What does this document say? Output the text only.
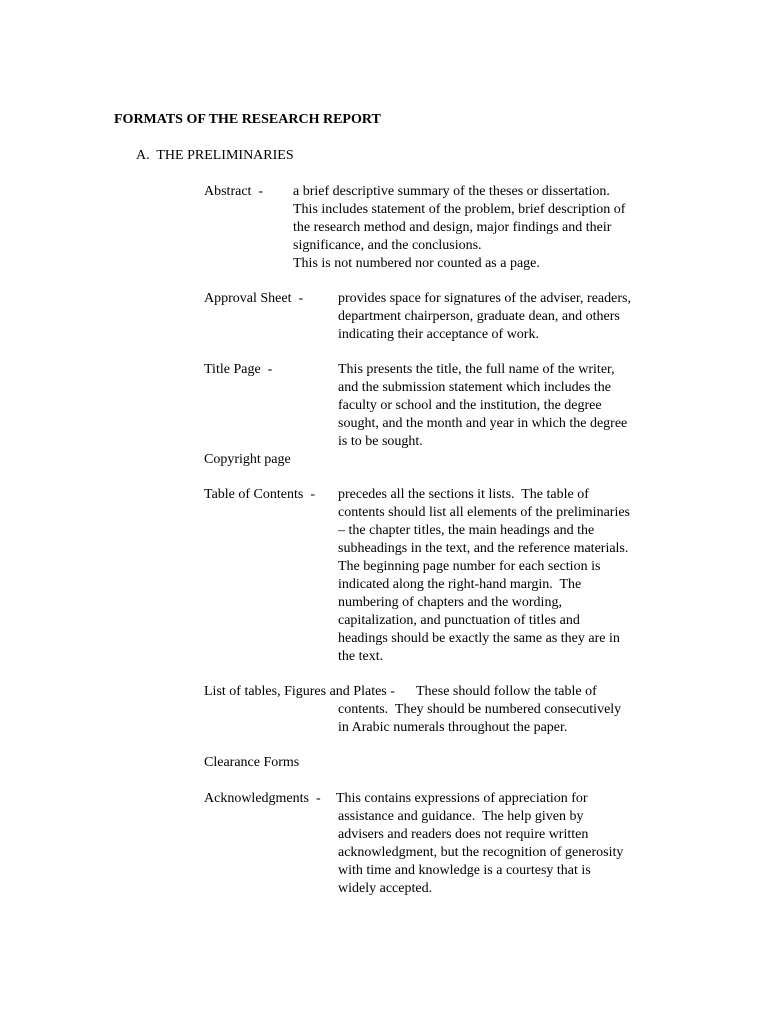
FORMATS OF THE RESEARCH REPORT
A.  THE PRELIMINARIES
Abstract  - a brief descriptive summary of the theses or dissertation.
This includes statement of the problem, brief description of
the research method and design, major findings and their
significance, and the conclusions.
This is not numbered nor counted as a page.
Approval Sheet  - provides space for signatures of the adviser, readers,
department chairperson, graduate dean, and others
indicating their acceptance of work.
Title Page  -	This presents the title, the full name of the writer,
and the submission statement which includes the
faculty or school and the institution, the degree
sought, and the month and year in which the degree
is to be sought.
Copyright page
Table of Contents  - precedes all the sections it lists.  The table of
contents should list all elements of the preliminaries
– the chapter titles, the main headings and the
subheadings in the text, and the reference materials.
The beginning page number for each section is
indicated along the right-hand margin.  The
numbering of chapters and the wording,
capitalization, and punctuation of titles and
headings should be exactly the same as they are in
the text.
List of tables, Figures and Plates - These should follow the table of
contents.  They should be numbered consecutively
in Arabic numerals throughout the paper.
Clearance Forms
Acknowledgments  - This contains expressions of appreciation for
assistance and guidance.  The help given by
advisers and readers does not require written
acknowledgment, but the recognition of generosity
with time and knowledge is a courtesy that is
widely accepted.
